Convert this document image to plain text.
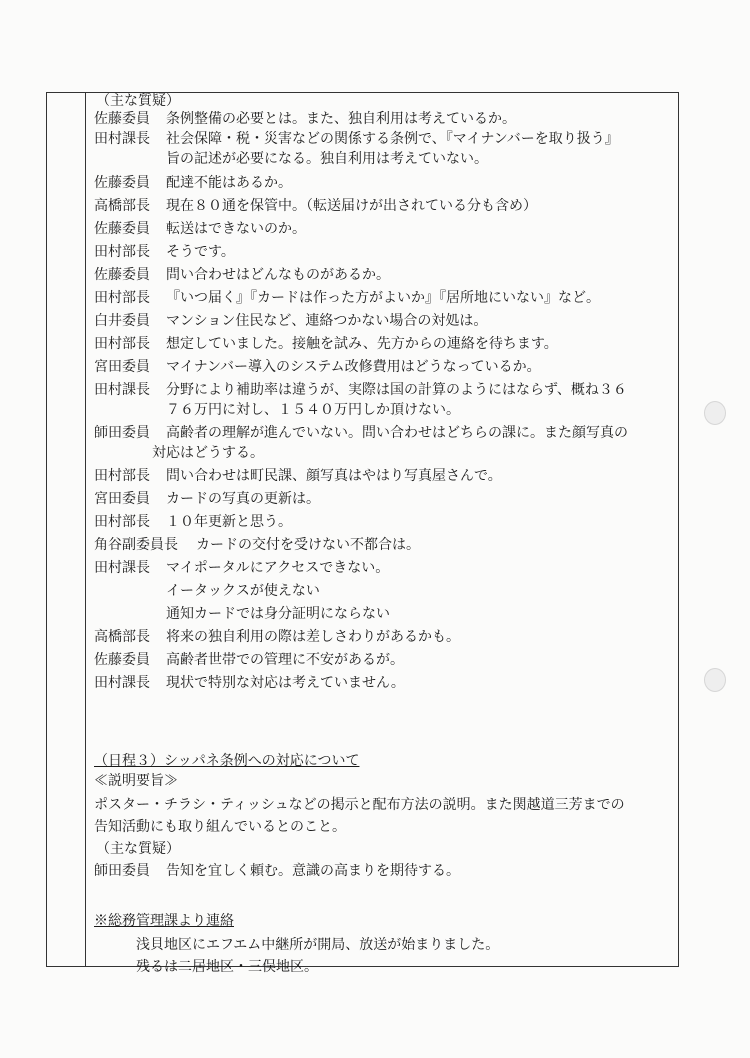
（主な質疑）
佐藤委員 条例整備の必要とは。また、独自利用は考えているか。
田村課長 社会保障・税・災害などの関係する条例で、『マイナンバーを取り扱う』
旨の記述が必要になる。独自利用は考えていない。
佐藤委員 配達不能はあるか。
高橋部長 現在８０通を保管中。（転送届けが出されている分も含め）
佐藤委員 転送はできないのか。
田村部長 そうです。
佐藤委員 問い合わせはどんなものがあるか。
田村部長 『いつ届く』『カードは作った方がよいか』『居所地にいない』など。
白井委員 マンション住民など、連絡つかない場合の対処は。
田村部長 想定していました。接触を試み、先方からの連絡を待ちます。
宮田委員 マイナンバー導入のシステム改修費用はどうなっているか。
田村課長 分野により補助率は違うが、実際は国の計算のようにはならず、概ね３６
７６万円に対し、１５４０万円しか頂けない。
師田委員 高齢者の理解が進んでいない。問い合わせはどちらの課に。また顔写真の
対応はどうする。
田村部長 問い合わせは町民課、顔写真はやはり写真屋さんで。
宮田委員 カードの写真の更新は。
田村部長 １０年更新と思う。
角谷副委員長 カードの交付を受けない不都合は。
田村課長 マイポータルにアクセスできない。
イータックスが使えない
通知カードでは身分証明にならない
高橋部長 将来の独自利用の際は差しさわりがあるかも。
佐藤委員 高齢者世帯での管理に不安があるが。
田村課長 現状で特別な対応は考えていません。
（日程３）シッパネ条例への対応について
≪説明要旨≫
ポスター・チラシ・ティッシュなどの掲示と配布方法の説明。また関越道三芳までの
告知活動にも取り組んでいるとのこと。
（主な質疑）
師田委員 告知を宜しく頼む。意識の高まりを期待する。
※総務管理課より連絡
浅貝地区にエフエム中継所が開局、放送が始まりました。
残るは二居地区・三俣地区。
